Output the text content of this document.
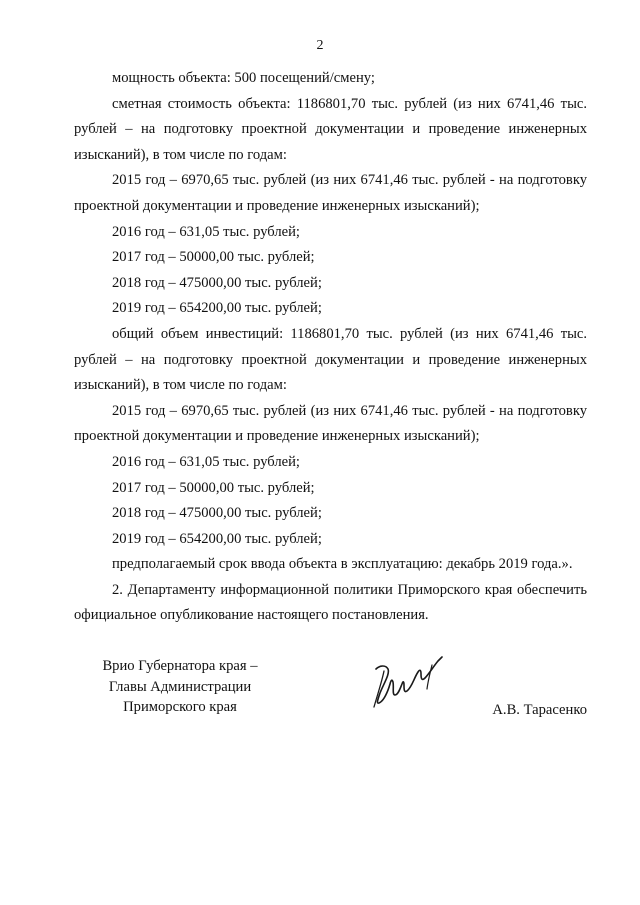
2

мощность объекта: 500 посещений/смену;

сметная стоимость объекта: 1186801,70 тыс. рублей (из них 6741,46 тыс. рублей – на подготовку проектной документации и проведение инженерных изысканий), в том числе по годам:

2015 год – 6970,65 тыс. рублей (из них 6741,46 тыс. рублей - на подготовку проектной документации и проведение инженерных изысканий);

2016 год – 631,05 тыс. рублей;

2017 год – 50000,00 тыс. рублей;

2018 год – 475000,00 тыс. рублей;

2019 год – 654200,00 тыс. рублей;

общий объем инвестиций: 1186801,70 тыс. рублей (из них 6741,46 тыс. рублей – на подготовку проектной документации и проведение инженерных изысканий), в том числе по годам:

2015 год – 6970,65 тыс. рублей (из них 6741,46 тыс. рублей - на подготовку проектной документации и проведение инженерных изысканий);

2016 год – 631,05 тыс. рублей;

2017 год – 50000,00 тыс. рублей;

2018 год – 475000,00 тыс. рублей;

2019 год – 654200,00 тыс. рублей;

предполагаемый срок ввода объекта в эксплуатацию: декабрь 2019 года.».

2. Департаменту информационной политики Приморского края обеспечить официальное опубликование настоящего постановления.

Врио Губернатора края –
Главы Администрации
Приморского края	А.В. Тарасенко
